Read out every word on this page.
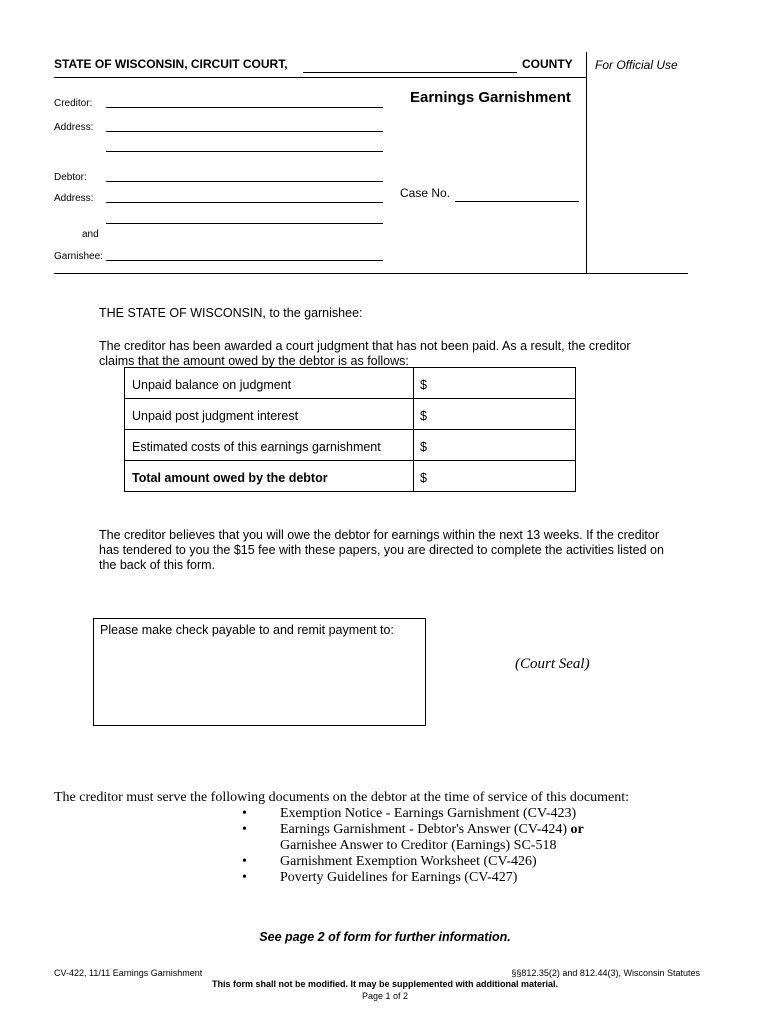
STATE OF WISCONSIN, CIRCUIT COURT,	COUNTY For Official Use
Earnings Garnishment
Creditor:
Address:
Debtor:
Address:
and
Garnishee:
Case No.
THE STATE OF WISCONSIN, to the garnishee:
The creditor has been awarded a court judgment that has not been paid. As a result, the creditor
claims that the amount owed by the debtor is as follows:
Unpaid balance on judgment	$
Unpaid post judgment interest	$
Estimated costs of this earnings garnishment	$
Total amount owed by the debtor	$
The creditor believes that you will owe the debtor for earnings within the next 13 weeks. If the creditor
has tendered to you the $15 fee with these papers, you are directed to complete the activities listed on
the back of this form.
Please make check payable to and remit payment to:
(Court Seal)
The creditor must serve the following documents on the debtor at the time of service of this document:
• Exemption Notice - Earnings Garnishment (CV-423)
• Earnings Garnishment - Debtor's Answer (CV-424) or
Garnishee Answer to Creditor (Earnings) SC-518
• Garnishment Exemption Worksheet (CV-426)
• Poverty Guidelines for Earnings (CV-427)
See page 2 of form for further information.
CV-422, 11/11 Earnings Garnishment	§§812.35(2) and 812.44(3), Wisconsin Statutes
This form shall not be modified. It may be supplemented with additional material.
Page 1 of 2
